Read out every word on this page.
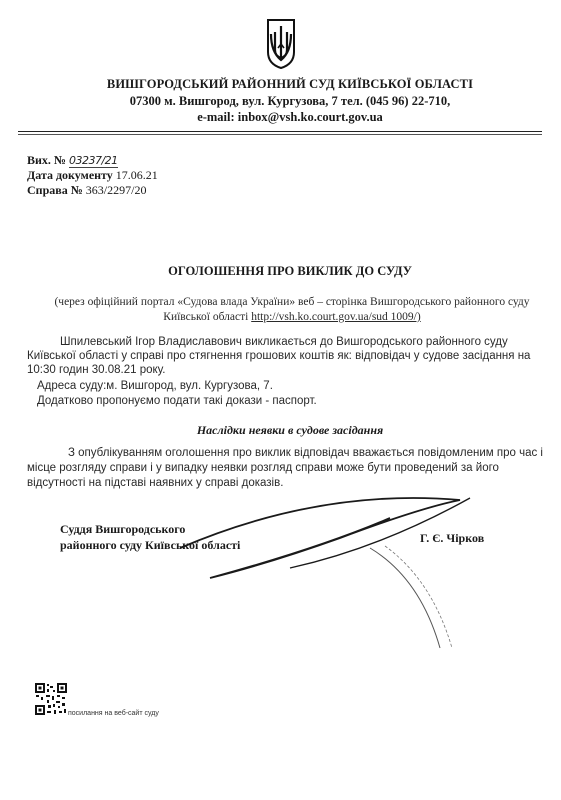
ВИШГОРОДСЬКИЙ РАЙОННИЙ СУД КИЇВСЬКОЇ ОБЛАСТІ
07300 м. Вишгород, вул. Кургузова, 7 тел. (045 96) 22-710,
e-mail: inbox@vsh.ko.court.gov.ua
Вих. № 03237/21
Дата документу 17.06.21
Справа № 363/2297/20
ОГОЛОШЕННЯ ПРО ВИКЛИК ДО СУДУ
(через офіційний портал «Судова влада України» веб – сторінка Вишгородського районного суду
Київської області http://vsh.ko.court.gov.ua/sud 1009/)
Шпилевський Ігор Владиславович викликається до Вишгородського районного суду
Київської області у справі про стягнення грошових коштів як: відповідач у судове засідання на
10:30 годин 30.08.21 року.
Адреса суду:м. Вишгород, вул. Кургузова, 7.
Додатково пропонуємо подати такі докази - паспорт.
Наслідки неявки в судове засідання
З опублікуванням оголошення про виклик відповідач вважається повідомленим про час і
місце розгляду справи і у випадку неявки розгляд справи може бути проведений за його
відсутності на підставі наявних у справі доказів.
Суддя Вишгородського
районного суду Київської області	Г. Є. Чірков
посилання на веб-сайт суду
